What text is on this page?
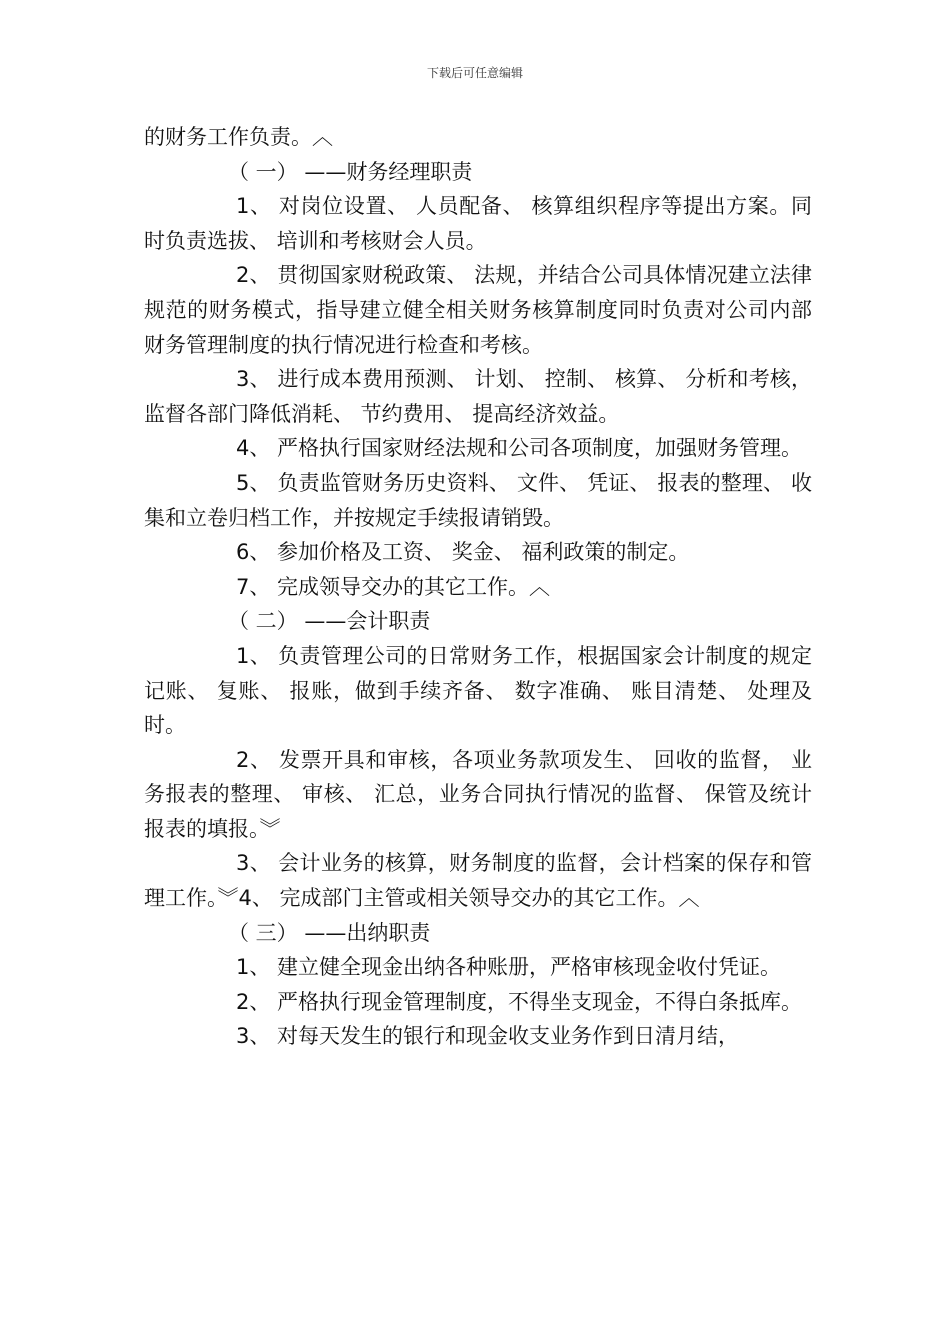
下载后可任意编辑

的财务工作负责。︿

（ 一） ——财务经理职责

1、 对岗位设置、 人员配备、 核算组织程序等提出方案。同时负责选拔、 培训和考核财会人员。

2、 贯彻国家财税政策、 法规，并结合公司具体情况建立法律规范的财务模式，指导建立健全相关财务核算制度同时负责对公司内部财务管理制度的执行情况进行检查和考核。

3、 进行成本费用预测、 计划、 控制、 核算、 分析和考核，监督各部门降低消耗、 节约费用、 提高经济效益。

4、 严格执行国家财经法规和公司各项制度，加强财务管理。

5、 负责监管财务历史资料、 文件、 凭证、 报表的整理、 收集和立卷归档工作，并按规定手续报请销毁。

6、 参加价格及工资、 奖金、 福利政策的制定。

7、 完成领导交办的其它工作。︿

（ 二） ——会计职责

1、 负责管理公司的日常财务工作，根据国家会计制度的规定记账、 复账、 报账，做到手续齐备、 数字准确、 账目清楚、 处理及时。

2、 发票开具和审核，各项业务款项发生、 回收的监督， 业务报表的整理、 审核、 汇总，业务合同执行情况的监督、 保管及统计报表的填报。︾

3、 会计业务的核算，财务制度的监督，会计档案的保存和管理工作。︾4、 完成部门主管或相关领导交办的其它工作。︿

（ 三） ——出纳职责

1、 建立健全现金出纳各种账册，严格审核现金收付凭证。

2、 严格执行现金管理制度，不得坐支现金，不得白条抵库。

3、 对每天发生的银行和现金收支业务作到日清月结，
